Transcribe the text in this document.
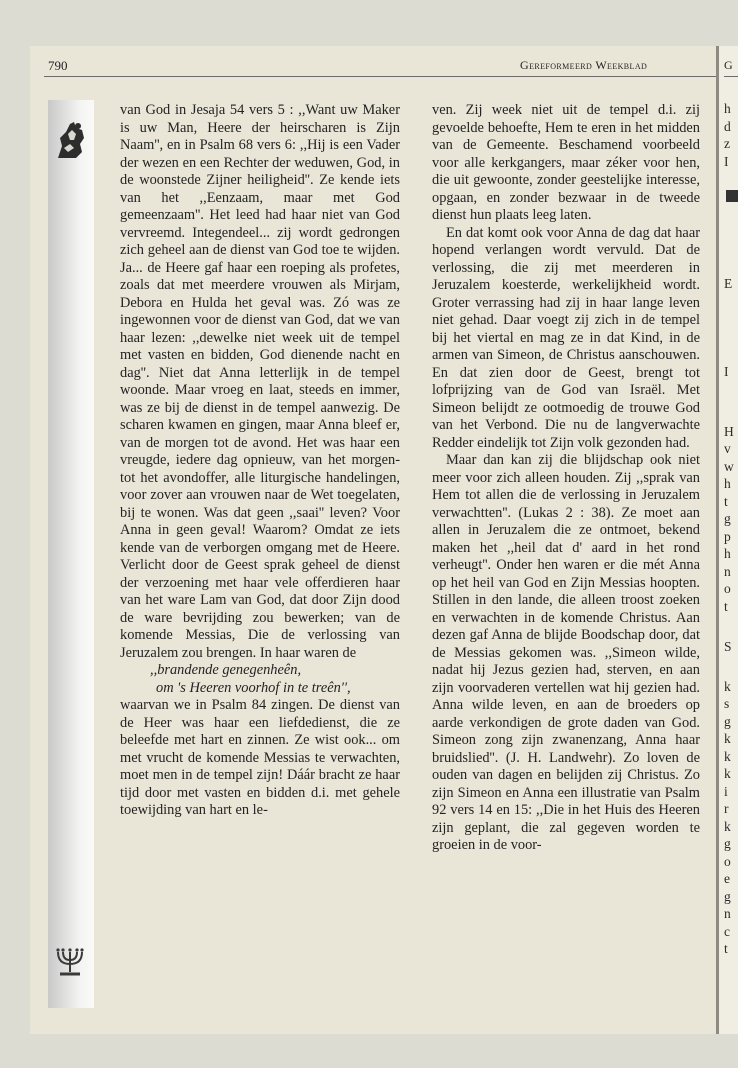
790	Gereformeerd Weekblad	G

van God in Jesaja 54 vers 5 : ,,Want uw Maker is uw Man, Heere der heirscharen is Zijn Naam'', en in Psalm 68 vers 6: ,,Hij is een Vader der wezen en een Rechter der weduwen, God, in de woonstede Zijner heiligheid''. Ze kende iets van het ,,Eenzaam, maar met God gemeenzaam''. Het leed had haar niet van God vervreemd. Integendeel... zij wordt gedrongen zich geheel aan de dienst van God toe te wijden. Ja... de Heere gaf haar een roeping als profetes, zoals dat met meerdere vrouwen als Mirjam, Debora en Hulda het geval was. Zó was ze ingewonnen voor de dienst van God, dat we van haar lezen: ,,dewelke niet week uit de tempel met vasten en bidden, God dienende nacht en dag''. Niet dat Anna letterlijk in de tempel woonde. Maar vroeg en laat, steeds en immer, was ze bij de dienst in de tempel aanwezig. De scharen kwamen en gingen, maar Anna bleef er, van de morgen tot de avond. Het was haar een vreugde, iedere dag opnieuw, van het morgen- tot het avondoffer, alle liturgische handelingen, voor zover aan vrouwen naar de Wet toegelaten, bij te wonen. Was dat geen ,,saai'' leven? Voor Anna in geen geval! Waarom? Omdat ze iets kende van de verborgen omgang met de Heere. Verlicht door de Geest sprak geheel de dienst der verzoening met haar vele offerdieren haar van het ware Lam van God, dat door Zijn dood de ware bevrijding zou bewerken; van de komende Messias, Die de verlossing van Jeruzalem zou brengen. In haar waren de

,,brandende genegenheên,

om 's Heeren voorhof in te treên'',

waarvan we in Psalm 84 zingen. De dienst van de Heer was haar een liefdedienst, die ze beleefde met hart en zinnen. Ze wist ook... om met vrucht de komende Messias te verwachten, moet men in de tempel zijn! Dáár bracht ze haar tijd door met vasten en bidden d.i. met gehele toewijding van hart en le-

ven. Zij week niet uit de tempel d.i. zij gevoelde behoefte, Hem te eren in het midden van de Gemeente. Beschamend voorbeeld voor alle kerkgangers, maar zéker voor hen, die uit gewoonte, zonder geestelijke interesse, opgaan, en zonder bezwaar in de tweede dienst hun plaats leeg laten.

En dat komt ook voor Anna de dag dat haar hopend verlangen wordt vervuld. Dat de verlossing, die zij met meerderen in Jeruzalem koesterde, werkelijkheid wordt. Groter verrassing had zij in haar lange leven niet gehad. Daar voegt zij zich in de tempel bij het viertal en mag ze in dat Kind, in de armen van Simeon, de Christus aanschouwen. En dat zien door de Geest, brengt tot lofprijzing van de God van Israël. Met Simeon belijdt ze ootmoedig de trouwe God van het Verbond. Die nu de langverwachte Redder eindelijk tot Zijn volk gezonden had.

Maar dan kan zij die blijdschap ook niet meer voor zich alleen houden. Zij ,,sprak van Hem tot allen die de verlossing in Jeruzalem verwachtten''. (Lukas 2 : 38). Ze moet aan allen in Jeruzalem die ze ontmoet, bekend maken het ,,heil dat d' aard in het rond verheugt''. Onder hen waren er die mét Anna op het heil van God en Zijn Messias hoopten. Stillen in den lande, die alleen troost zoeken en verwachten in de komende Christus. Aan dezen gaf Anna de blijde Boodschap door, dat de Messias gekomen was. ,,Simeon wilde, nadat hij Jezus gezien had, sterven, en aan zijn voorvaderen vertellen wat hij gezien had. Anna wilde leven, en aan de broeders op aarde verkondigen de grote daden van God. Simeon zong zijn zwanenzang, Anna haar bruidslied''. (J. H. Landwehr). Zo loven de ouden van dagen en belijden zij Christus. Zo zijn Simeon en Anna een illustratie van Psalm 92 vers 14 en 15: ,,Die in het Huis des Heeren zijn geplant, die zal gegeven worden te groeien in de voor-

h
d
z
I
E
I
H
v
w
h
t
g
p
h
n
o
t
S
k
s
g
k
k
k
i
r
k
g
o
e
g
n
c
t
